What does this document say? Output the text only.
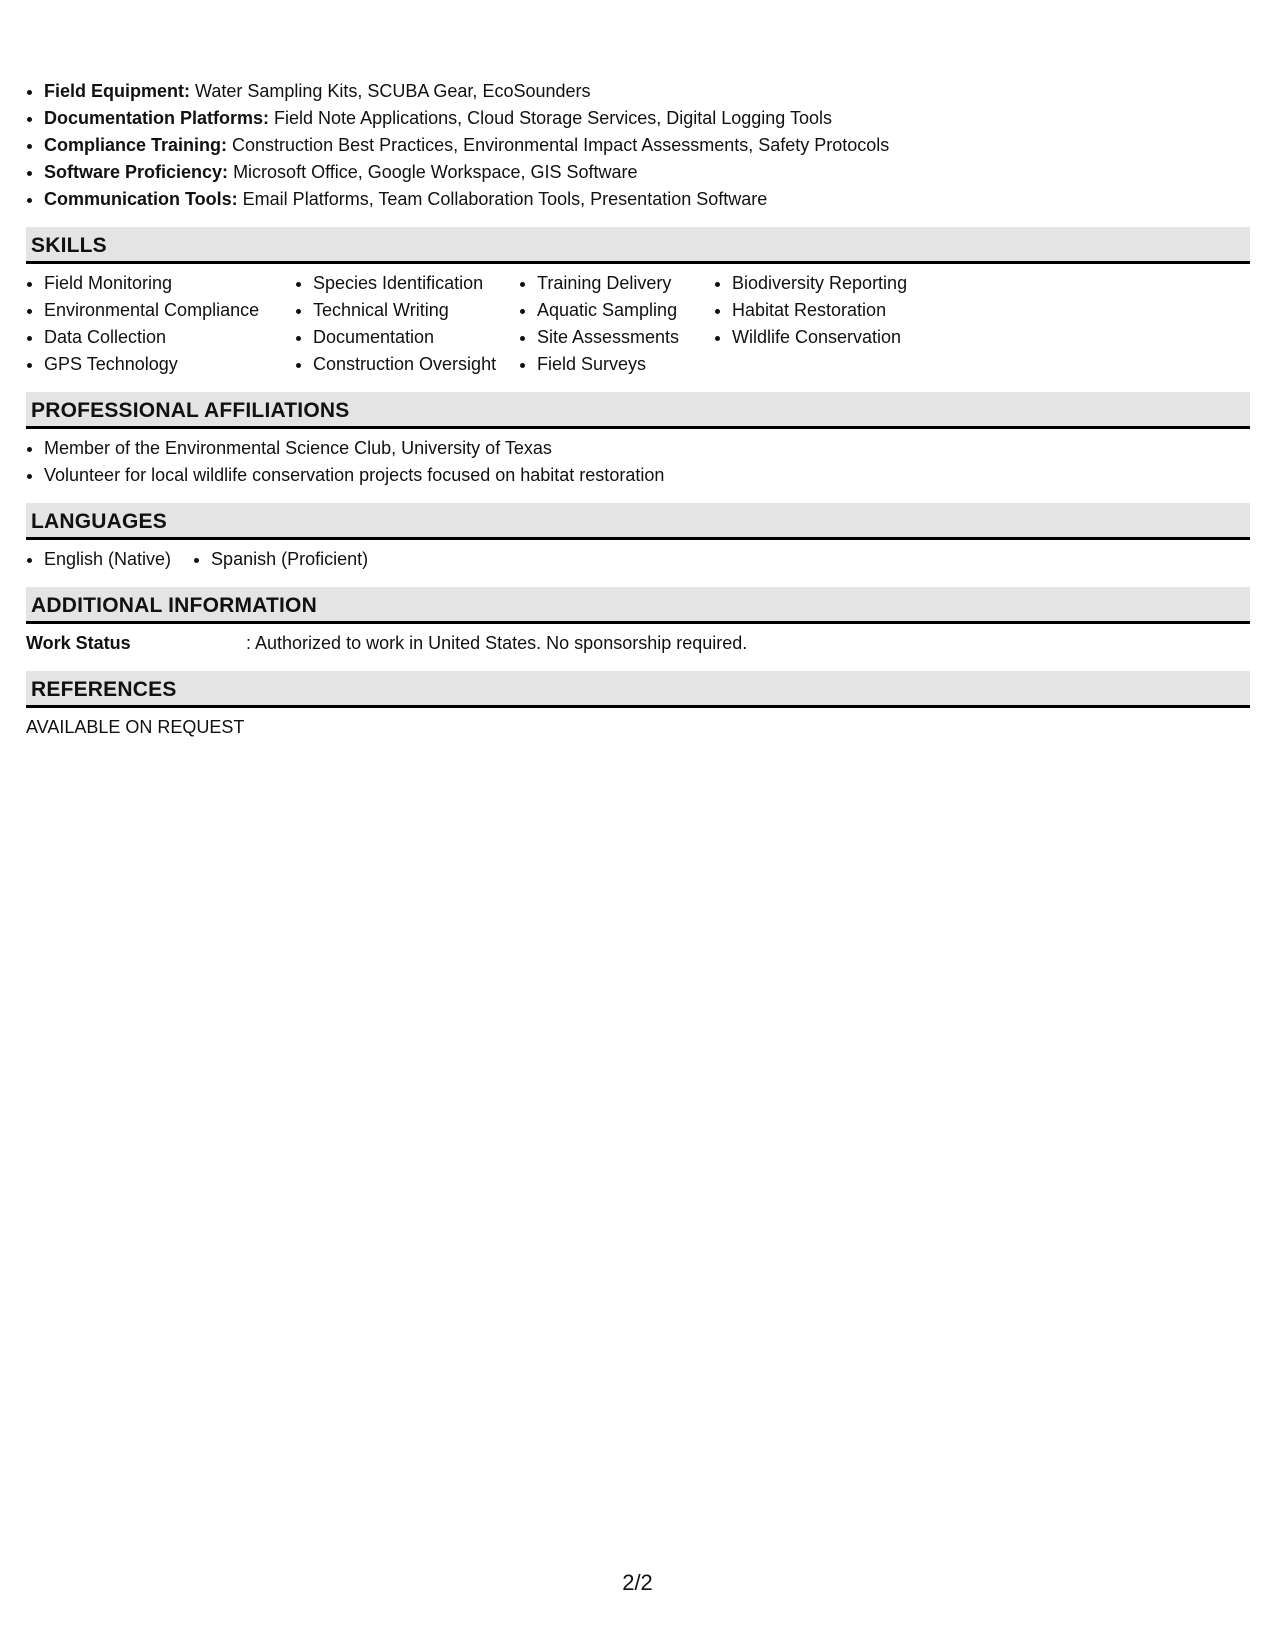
Field Equipment: Water Sampling Kits, SCUBA Gear, EcoSounders
Documentation Platforms: Field Note Applications, Cloud Storage Services, Digital Logging Tools
Compliance Training: Construction Best Practices, Environmental Impact Assessments, Safety Protocols
Software Proficiency: Microsoft Office, Google Workspace, GIS Software
Communication Tools: Email Platforms, Team Collaboration Tools, Presentation Software
SKILLS
Field Monitoring
Environmental Compliance
Data Collection
GPS Technology
Species Identification
Technical Writing
Documentation
Construction Oversight
Training Delivery
Aquatic Sampling
Site Assessments
Field Surveys
Biodiversity Reporting
Habitat Restoration
Wildlife Conservation
PROFESSIONAL AFFILIATIONS
Member of the Environmental Science Club, University of Texas
Volunteer for local wildlife conservation projects focused on habitat restoration
LANGUAGES
English (Native)	Spanish (Proficient)
ADDITIONAL INFORMATION
Work Status	: Authorized to work in United States. No sponsorship required.
REFERENCES
AVAILABLE ON REQUEST
2/2
